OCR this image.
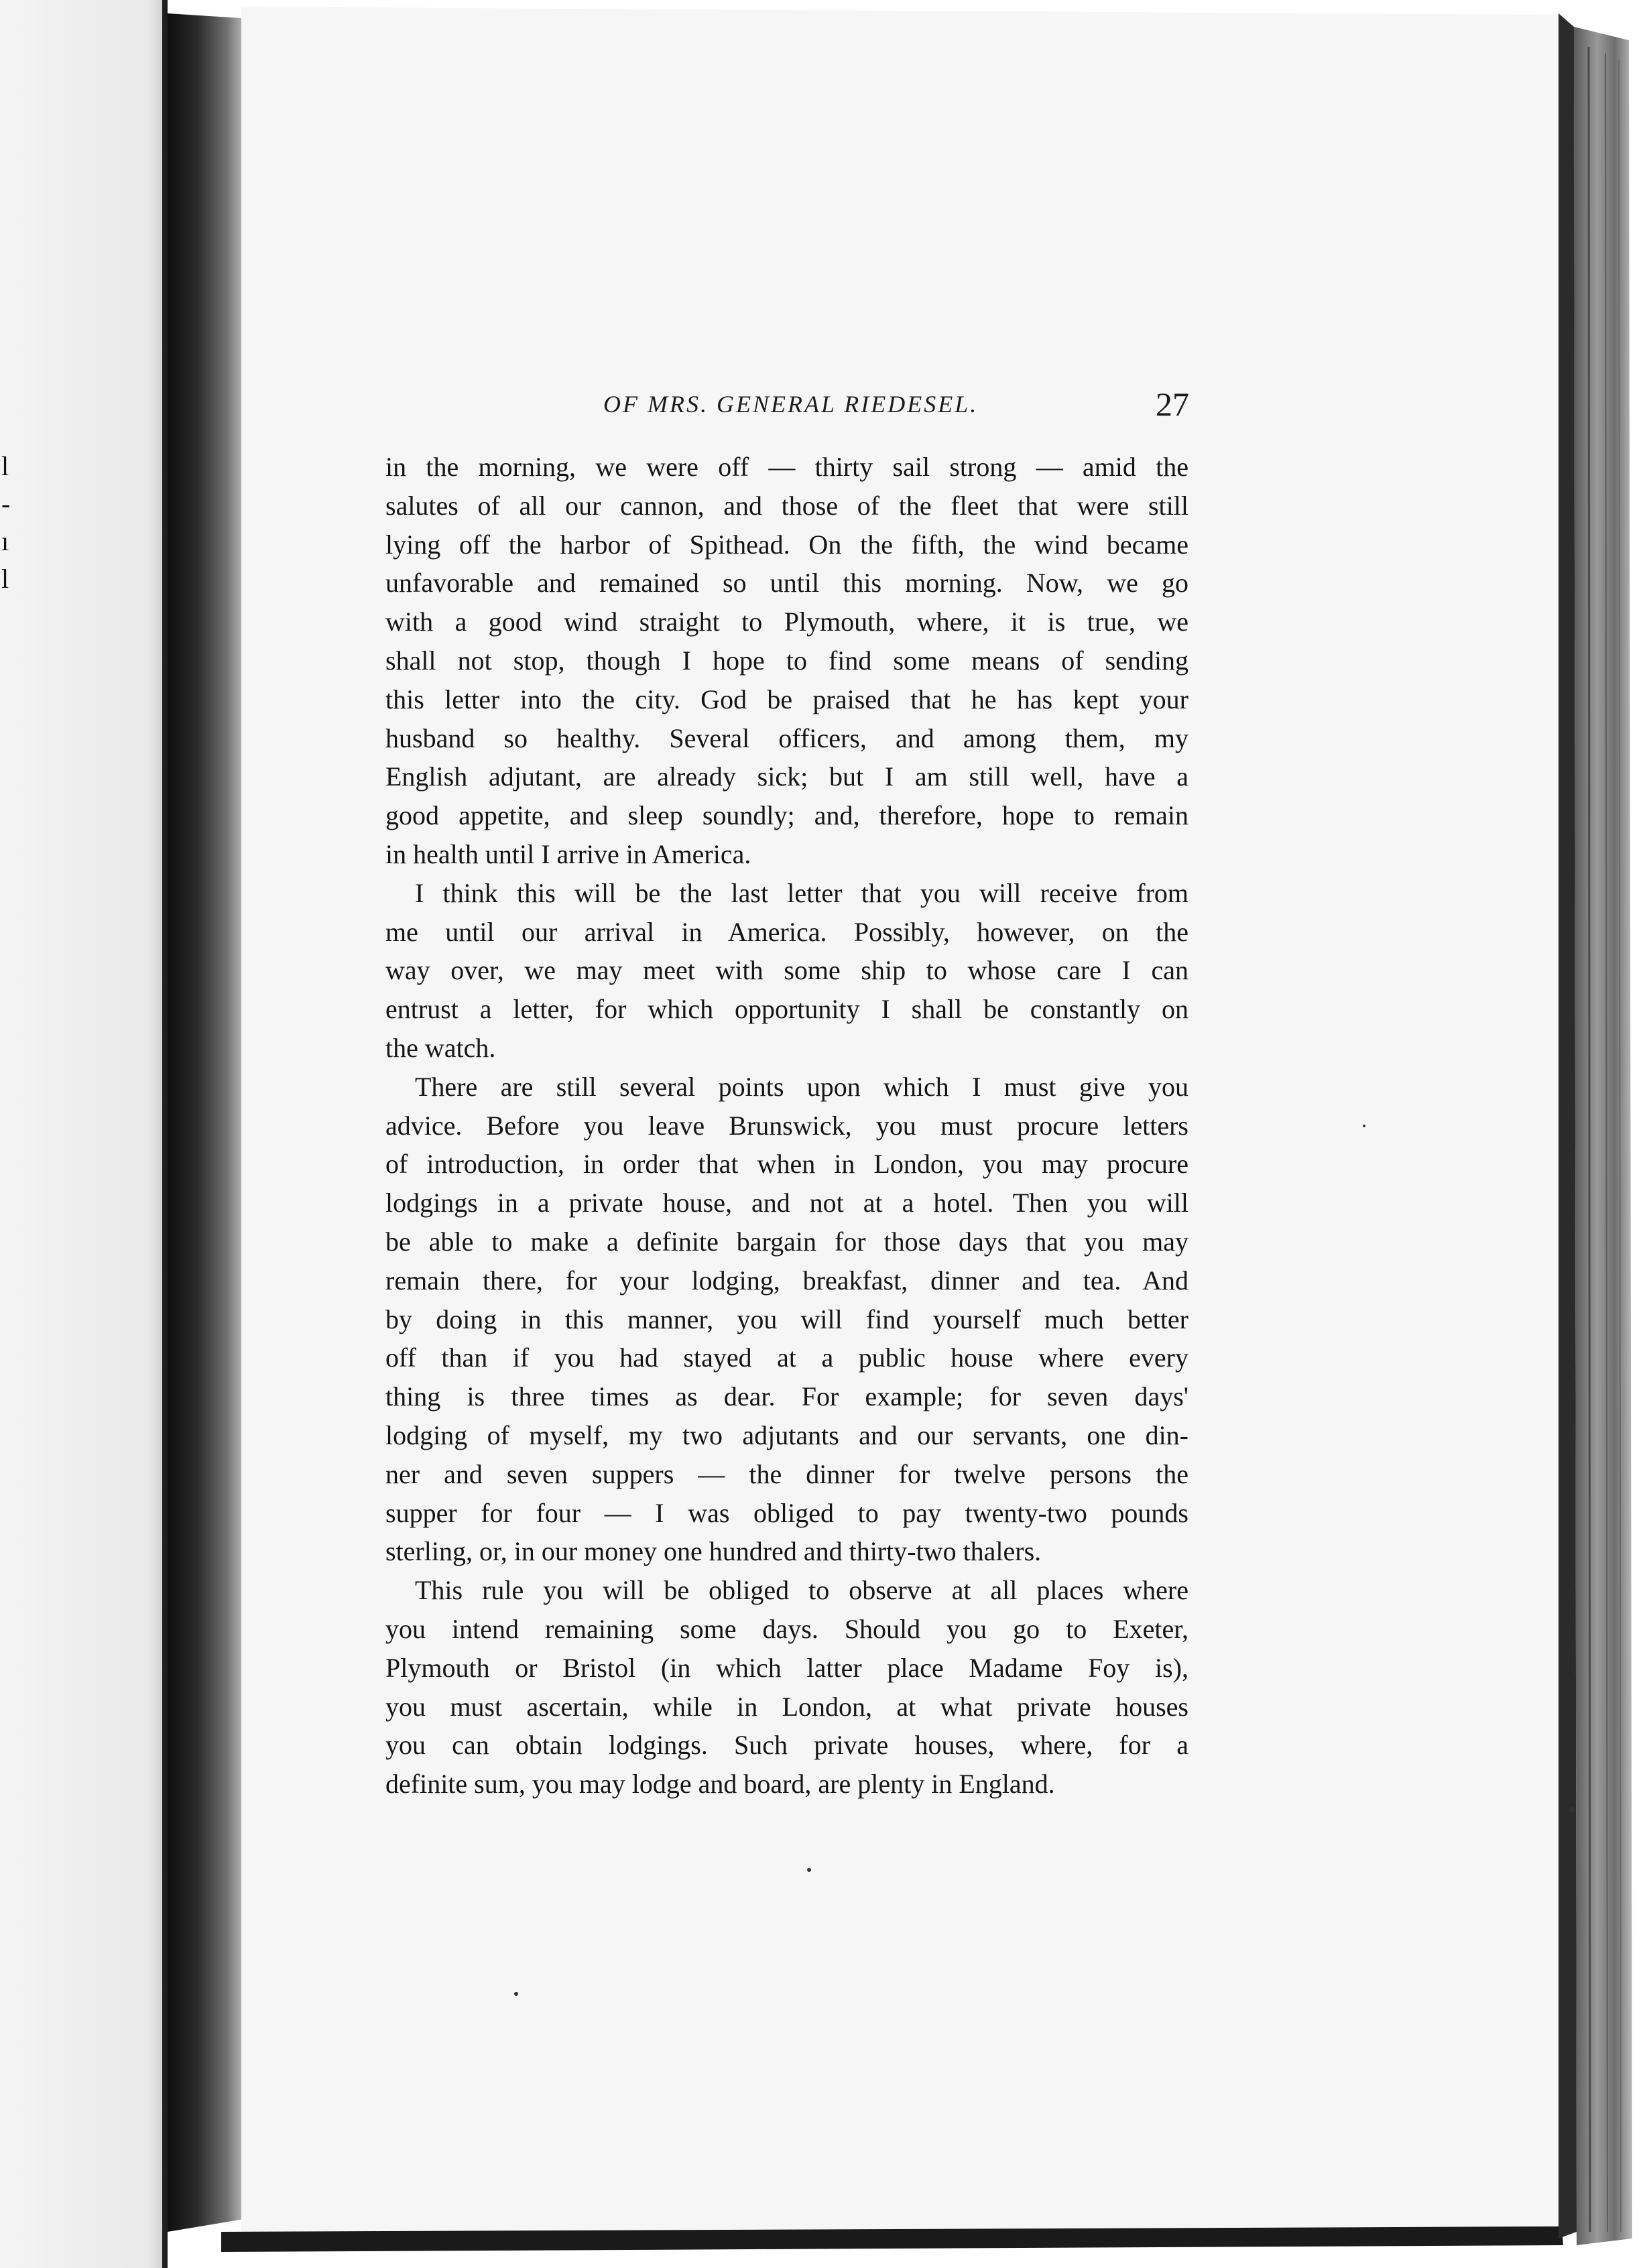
OF MRS. GENERAL RIEDESEL.	27
in the morning, we were off — thirty sail strong — amid the
salutes of all our cannon, and those of the fleet that were still
lying off the harbor of Spithead. On the fifth, the wind became
unfavorable and remained so until this morning. Now, we go
with a good wind straight to Plymouth, where, it is true, we
shall not stop, though I hope to find some means of sending
this letter into the city. God be praised that he has kept your
husband so healthy. Several officers, and among them, my
English adjutant, are already sick; but I am still well, have a
good appetite, and sleep soundly; and, therefore, hope to remain
in health until I arrive in America.
I think this will be the last letter that you will receive from
me until our arrival in America. Possibly, however, on the
way over, we may meet with some ship to whose care I can
entrust a letter, for which opportunity I shall be constantly on
the watch.
There are still several points upon which I must give you
advice. Before you leave Brunswick, you must procure letters
of introduction, in order that when in London, you may procure
lodgings in a private house, and not at a hotel. Then you will
be able to make a definite bargain for those days that you may
remain there, for your lodging, breakfast, dinner and tea. And
by doing in this manner, you will find yourself much better
off than if you had stayed at a public house where every
thing is three times as dear. For example; for seven days'
lodging of myself, my two adjutants and our servants, one din-
ner and seven suppers — the dinner for twelve persons the
supper for four — I was obliged to pay twenty-two pounds
sterling, or, in our money one hundred and thirty-two thalers.
This rule you will be obliged to observe at all places where
you intend remaining some days. Should you go to Exeter,
Plymouth or Bristol (in which latter place Madame Foy is),
you must ascertain, while in London, at what private houses
you can obtain lodgings. Such private houses, where, for a
definite sum, you may lodge and board, are plenty in England.
l
-
ı
l
